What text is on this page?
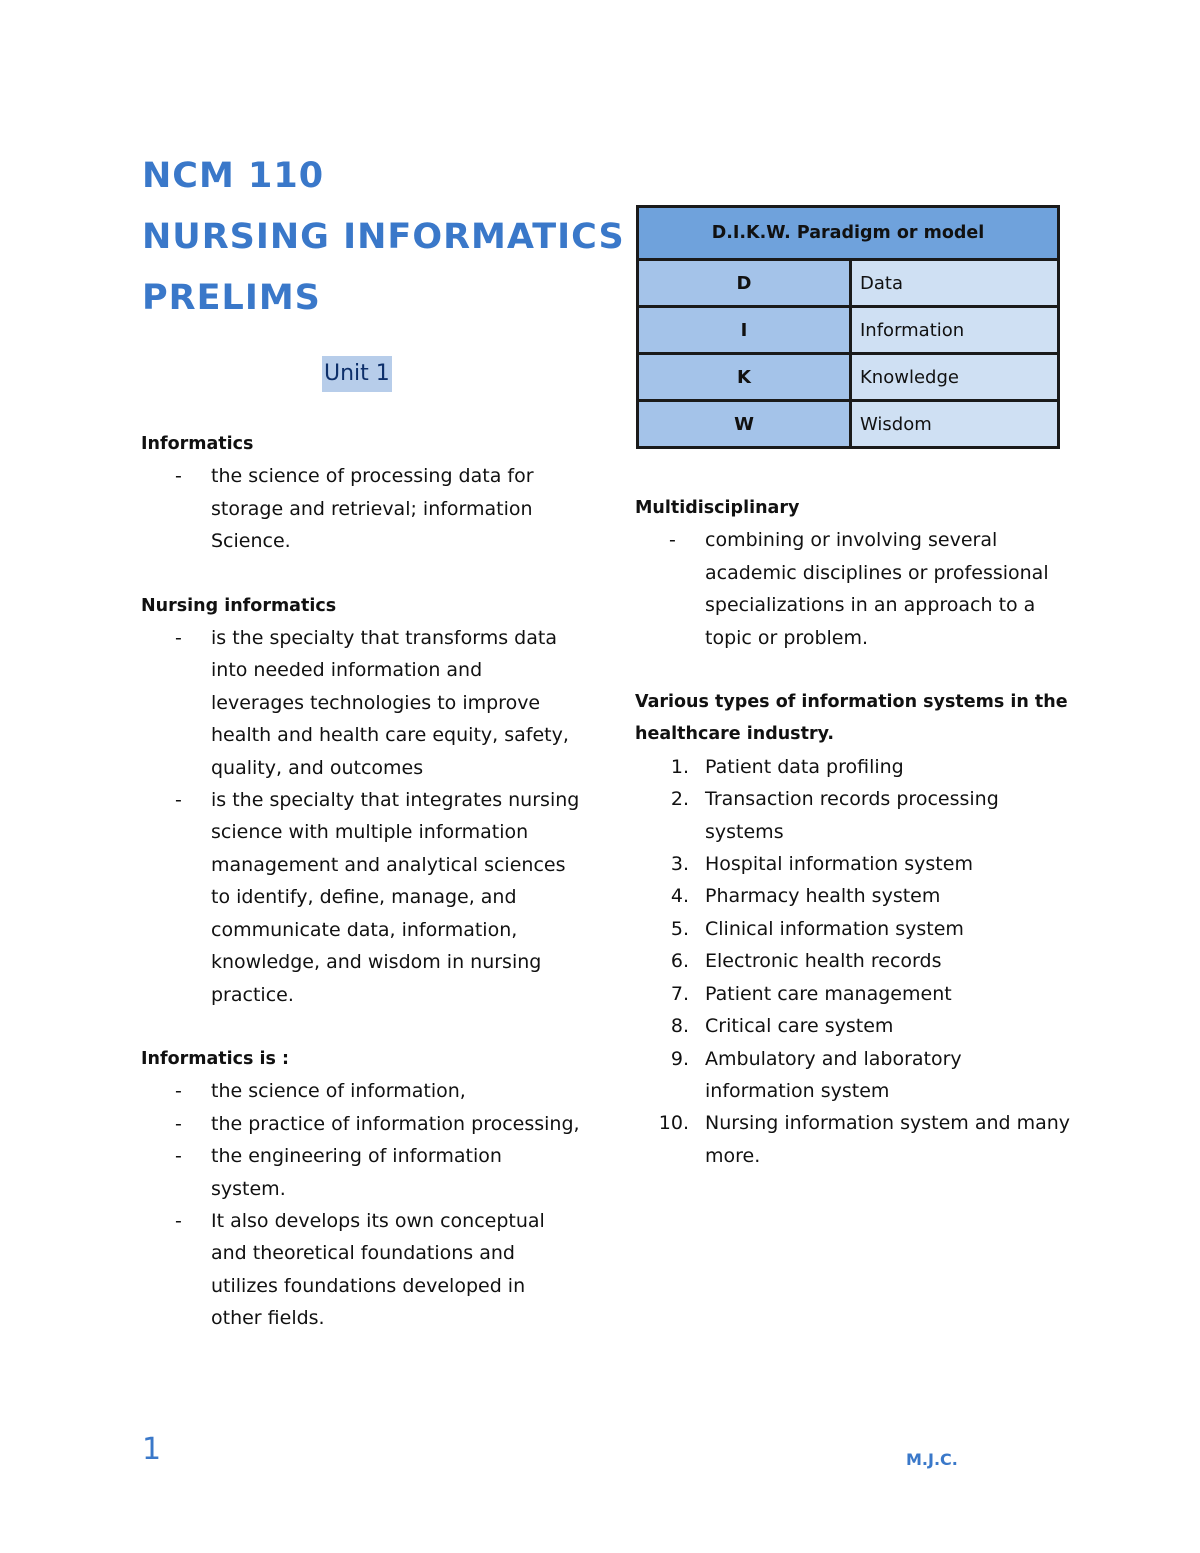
NCM 110
NURSING INFORMATICS
PRELIMS
Unit 1

Informatics

- the science of processing data for storage and retrieval; information Science.

Nursing informatics

- is the specialty that transforms data into needed information and leverages technologies to improve health and health care equity, safety, quality, and outcomes
- is the specialty that integrates nursing science with multiple information management and analytical sciences to identify, define, manage, and communicate data, information, knowledge, and wisdom in nursing practice.

Informatics is :

- the science of information,
- the practice of information processing,
- the engineering of information system.
- It also develops its own conceptual and theoretical foundations and utilizes foundations developed in other fields.
D.I.K.W. Paradigm or model	
D	Data
I	Information
K	Knowledge
W	Wisdom

Multidisciplinary

- combining or involving several academic disciplines or professional specializations in an approach to a topic or problem.

Various types of information systems in the healthcare industry.

1. Patient data profiling
2. Transaction records processing systems
3. Hospital information system
4. Pharmacy health system
5. Clinical information system
6. Electronic health records
7. Patient care management
8. Critical care system
9. Ambulatory and laboratory information system
10. Nursing information system and many more.
1	M.J.C.
